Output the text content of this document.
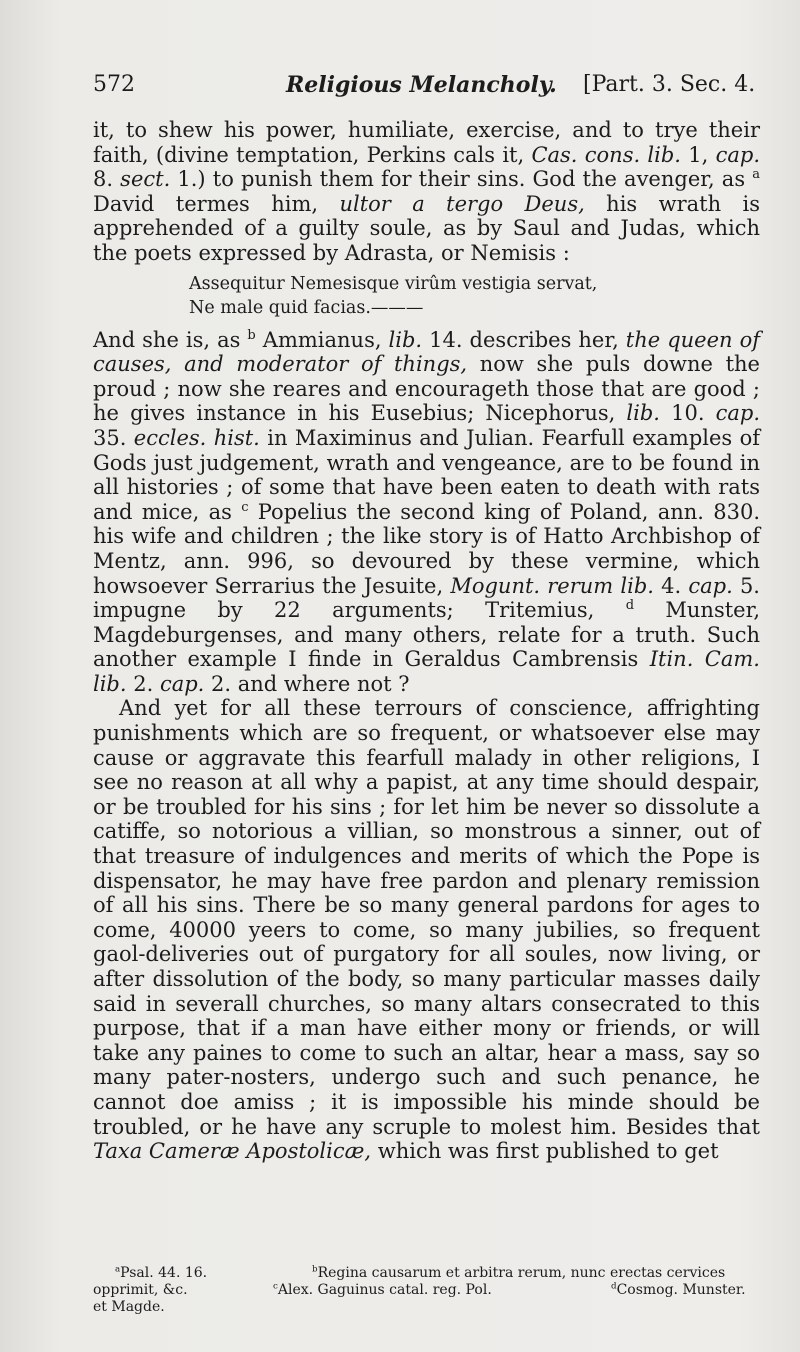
572	Religious Melancholy. [Part. 3. Sec. 4.

it, to shew his power, humiliate, exercise, and to trye their faith, (divine temptation, Perkins cals it, Cas. cons. lib. 1, cap. 8. sect. 1.) to punish them for their sins. God the avenger, as $^a$ David termes him, ultor a tergo Deus, his wrath is apprehended of a guilty soule, as by Saul and Judas, which the poets expressed by Adrasta, or Nemisis :

Assequitur Nemesisque virûm vestigia servat,
Ne male quid facias.———

And she is, as $^b$ Ammianus, lib. 14. describes her, the queen of causes, and moderator of things, now she puls downe the proud ; now she reares and encourageth those that are good ; he gives instance in his Eusebius; Nicephorus, lib. 10. cap. 35. eccles. hist. in Maximinus and Julian. Fearfull examples of Gods just judgement, wrath and vengeance, are to be found in all histories ; of some that have been eaten to death with rats and mice, as $^c$ Popelius the second king of Poland, ann. 830. his wife and children ; the like story is of Hatto Archbishop of Mentz, ann. 996, so devoured by these vermine, which howsoever Serrarius the Jesuite, Mogunt. rerum lib. 4. cap. 5. impugne by 22 arguments; Tritemius, $^d$ Munster, Magdeburgenses, and many others, relate for a truth. Such another example I finde in Geraldus Cambrensis Itin. Cam. lib. 2. cap. 2. and where not ?

And yet for all these terrours of conscience, affrighting punishments which are so frequent, or whatsoever else may cause or aggravate this fearfull malady in other religions, I see no reason at all why a papist, at any time should despair, or be troubled for his sins ; for let him be never so dissolute a catiffe, so notorious a villian, so monstrous a sinner, out of that treasure of indulgences and merits of which the Pope is dispensator, he may have free pardon and plenary remission of all his sins. There be so many general pardons for ages to come, 40000 yeers to come, so many jubilies, so frequent gaol-deliveries out of purgatory for all soules, now living, or after dissolution of the body, so many particular masses daily said in severall churches, so many altars consecrated to this purpose, that if a man have either mony or friends, or will take any paines to come to such an altar, hear a mass, say so many pater-nosters, undergo such and such penance, he cannot doe amiss ; it is impossible his minde should be troubled, or he have any scruple to molest him. Besides that Taxa Cameræ Apostolicæ, which was first published to get

$^a$Psal. 44. 16.	$^b$Regina causarum et arbitra rerum, nunc erectas cervices
opprimit, &c.	$^c$Alex. Gaguinus catal. reg. Pol.	$^d$Cosmog. Munster.
et Magde.
